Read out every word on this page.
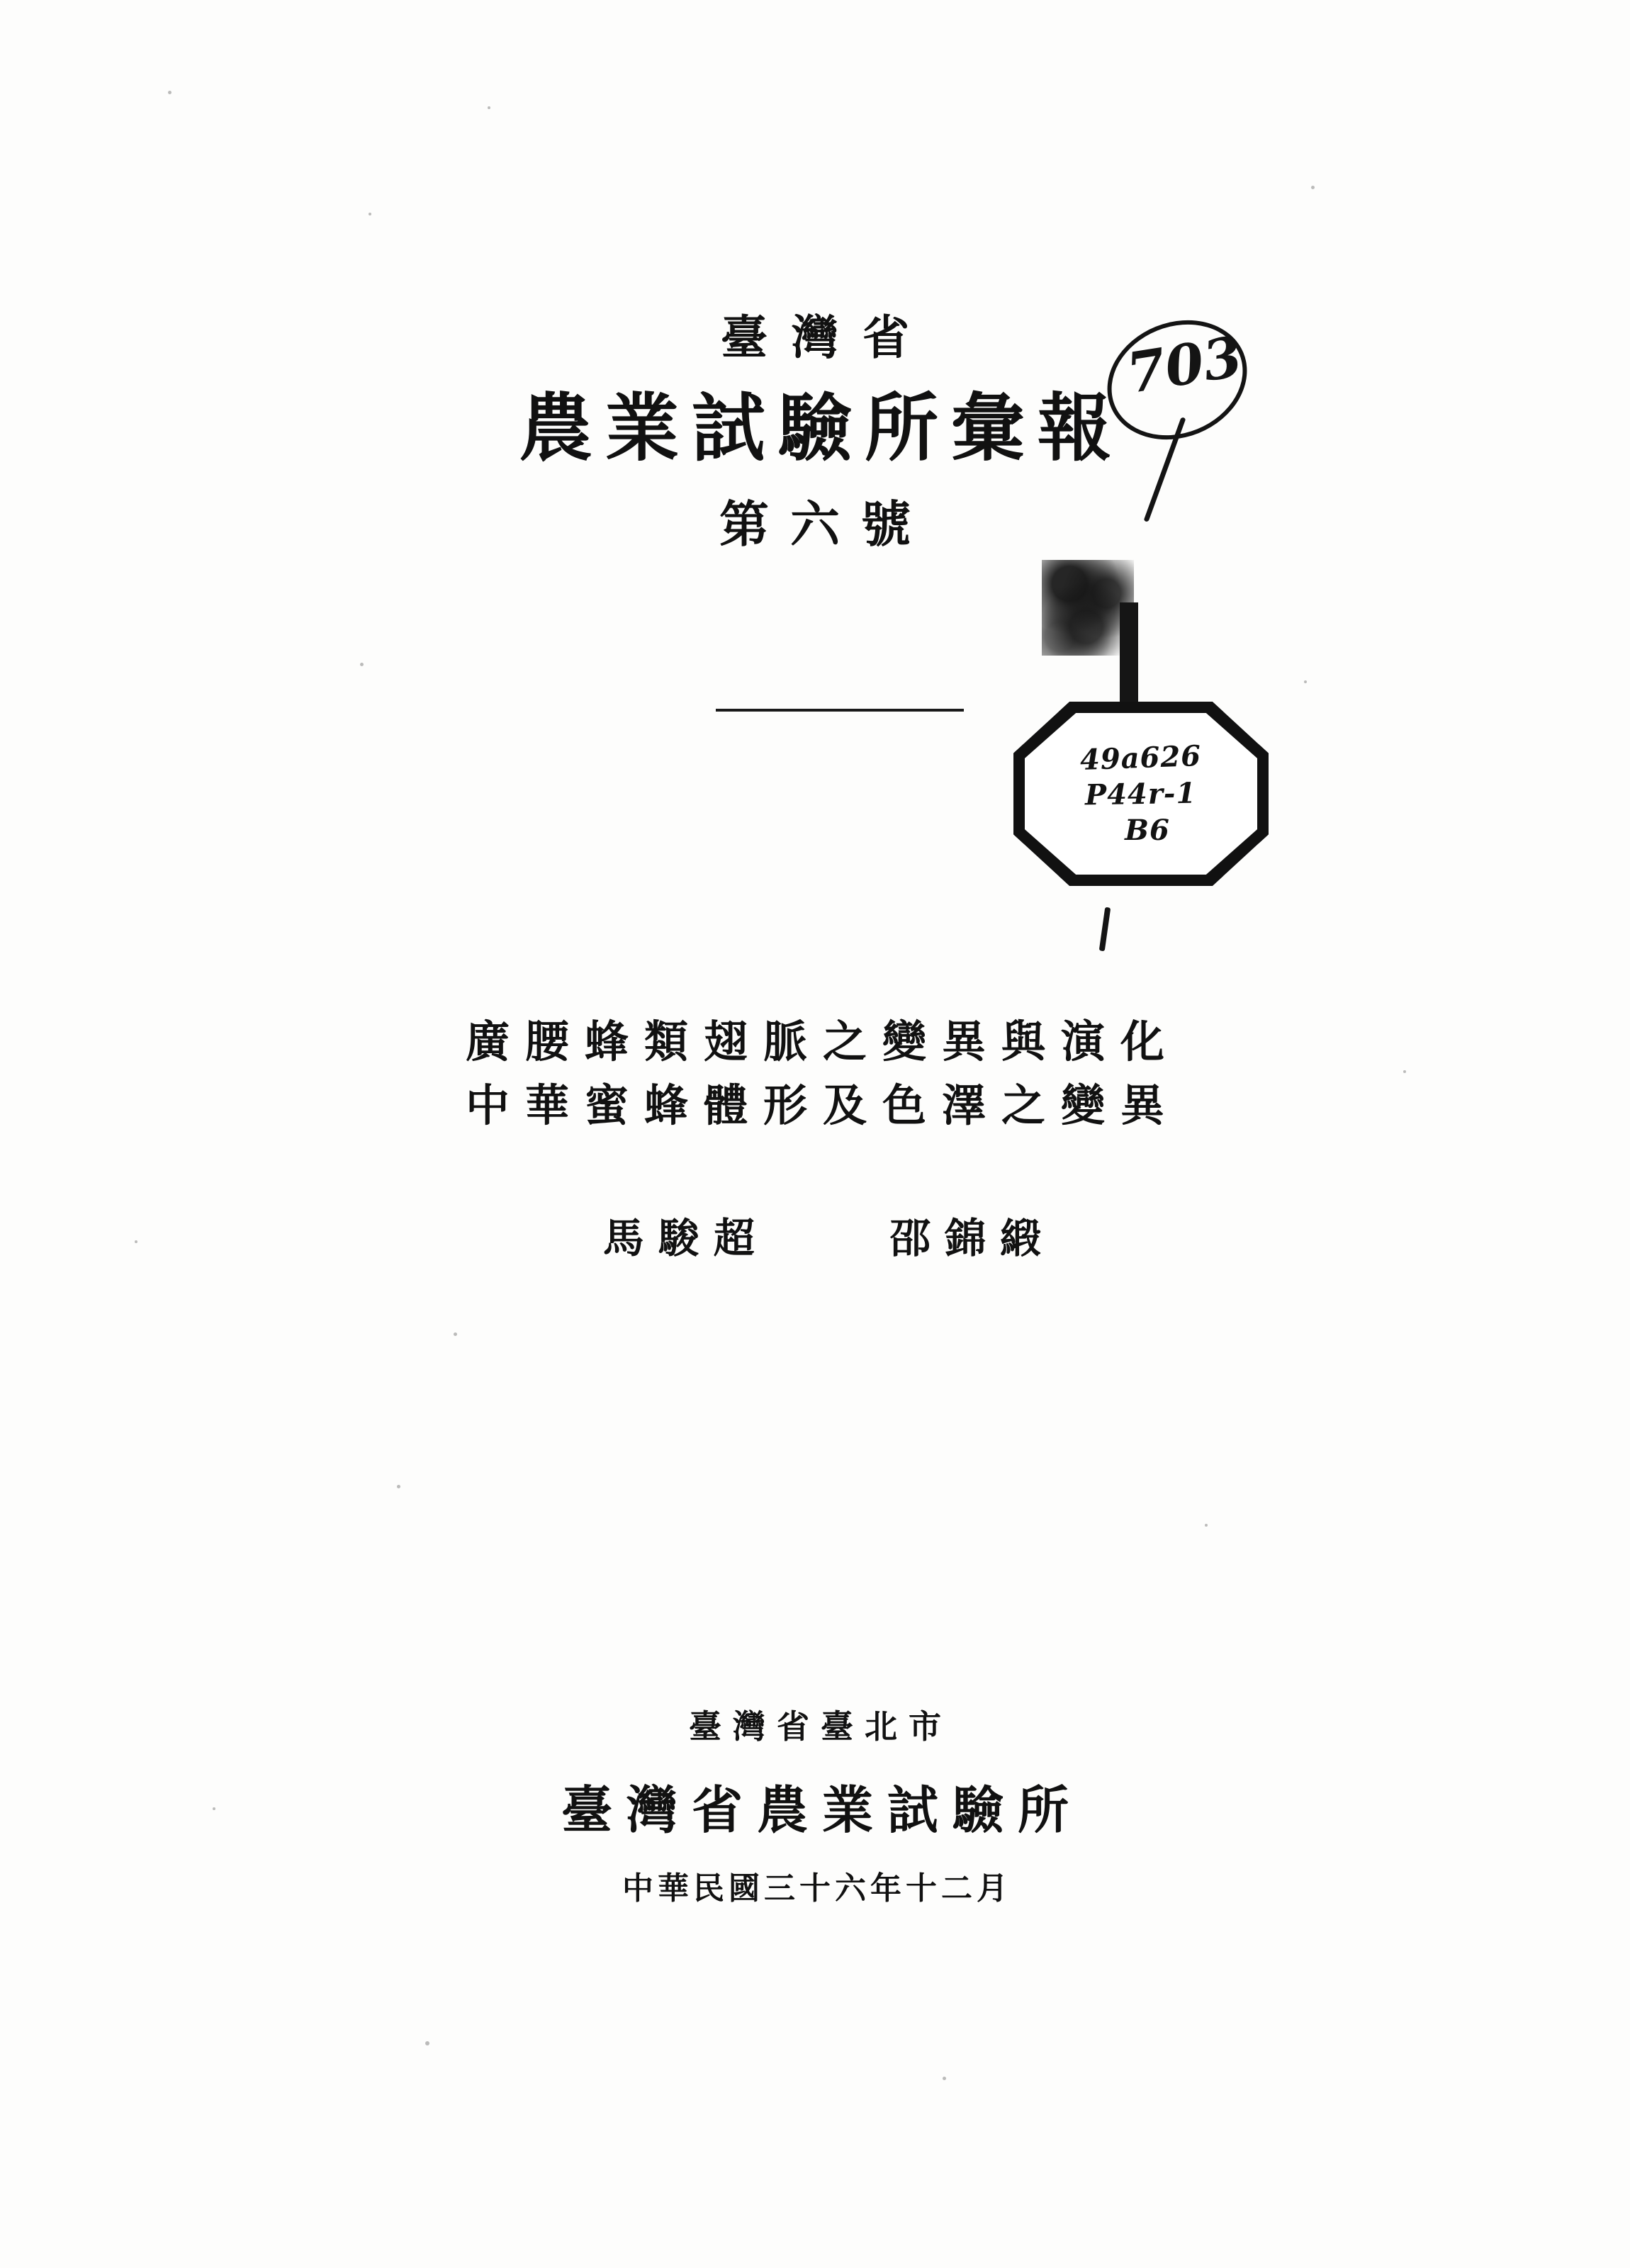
臺灣省
農業試驗所彙報
第六號
703
49a626
P44r-1
B6
廣腰蜂類翅脈之變異與演化
中華蜜蜂體形及色澤之變異
馬駿超	邵錦緞
臺灣省臺北市
臺灣省農業試驗所
中華民國三十六年十二月
